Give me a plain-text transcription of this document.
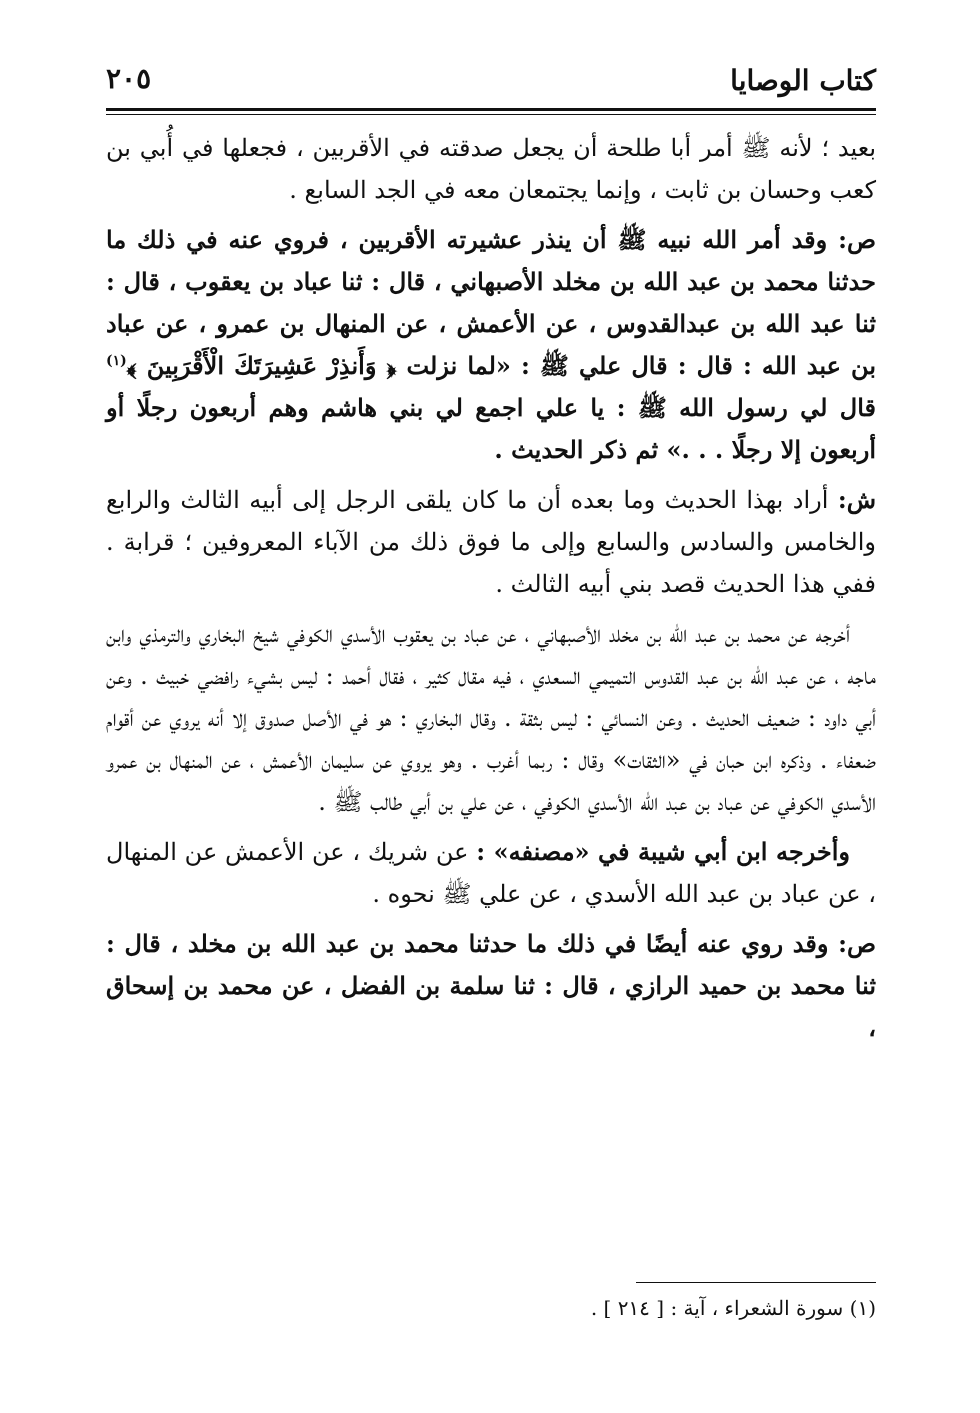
كتاب الوصايا
٢٠٥

بعيد ؛ لأنه ﷺ أمر أبا طلحة أن يجعل صدقته في الأقربين ، فجعلها في أُبي بن كعب وحسان بن ثابت ، وإنما يجتمعان معه في الجد السابع .

ص: وقد أمر الله نبيه ﷺ أن ينذر عشيرته الأقربين ، فروي عنه في ذلك ما حدثنا محمد بن عبد الله بن مخلد الأصبهاني ، قال : ثنا عباد بن يعقوب ، قال : ثنا عبد الله بن عبدالقدوس ، عن الأعمش ، عن المنهال بن عمرو ، عن عباد بن عبد الله : قال : قال علي ﷺ : «لما نزلت ﴿ وَأَنذِرْ عَشِيرَتَكَ الْأَقْرَبِينَ ﴾$^{(١)}$ قال لي رسول الله ﷺ : يا علي اجمع لي بني هاشم وهم أربعون رجلًا أو أربعون إلا رجلًا . . .» ثم ذكر الحديث .

ش: أراد بهذا الحديث وما بعده أن ما كان يلقى الرجل إلى أبيه الثالث والرابع والخامس والسادس والسابع وإلى ما فوق ذلك من الآباء المعروفين ؛ قرابة . ففي هذا الحديث قصد بني أبيه الثالث .

أخرجه عن محمد بن عبد الله بن مخلد الأصبهاني ، عن عباد بن يعقوب الأسدي الكوفي شيخ البخاري والترمذي وابن ماجه ، عن عبد الله بن عبد القدوس التميمي السعدي ، فيه مقال كثير ، فقال أحمد : ليس بشيء رافضي خبيث . وعن أبي داود : ضعيف الحديث . وعن النسائي : ليس بثقة . وقال البخاري : هو في الأصل صدوق إلا أنه يروي عن أقوام ضعفاء . وذكره ابن حبان في «الثقات» وقال : ربما أغرب . وهو يروي عن سليمان الأعمش ، عن المنهال بن عمرو الأسدي الكوفي عن عباد بن عبد الله الأسدي الكوفي ، عن علي بن أبي طالب ﷺ .

وأخرجه ابن أبي شيبة في «مصنفه» : عن شريك ، عن الأعمش عن المنهال ، عن عباد بن عبد الله الأسدي ، عن علي ﷺ نحوه .

ص: وقد روي عنه أيضًا في ذلك ما حدثنا محمد بن عبد الله بن مخلد ، قال : ثنا محمد بن حميد الرازي ، قال : ثنا سلمة بن الفضل ، عن محمد بن إسحاق ،

(١) سورة الشعراء ، آية : [ ٢١٤ ] .
